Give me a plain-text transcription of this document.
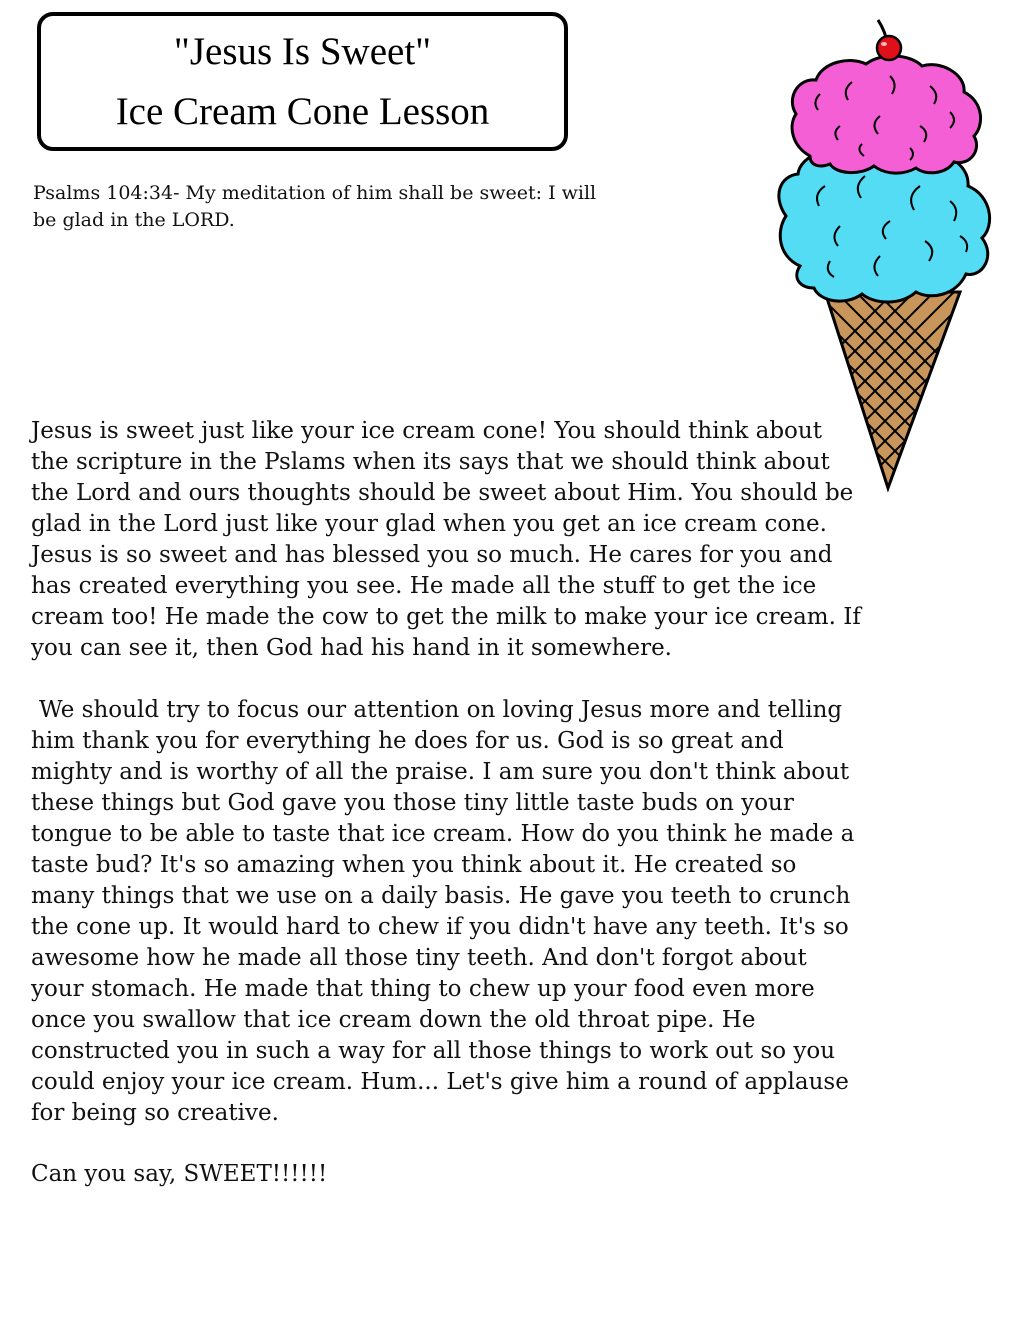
"Jesus Is Sweet"
Ice Cream Cone Lesson
Psalms 104:34- My meditation of him shall be sweet: I will be glad in the LORD.
Jesus is sweet just like your ice cream cone! You should think about the scripture in the Pslams when its says that we should think about the Lord and ours thoughts should be sweet about Him. You should be glad in the Lord just like your glad when you get an ice cream cone. Jesus is so sweet and has blessed you so much. He cares for you and has created everything you see. He made all the stuff to get the ice cream too! He made the cow to get the milk to make your ice cream. If you can see it, then God had his hand in it somewhere.
We should try to focus our attention on loving Jesus more and telling him thank you for everything he does for us. God is so great and mighty and is worthy of all the praise. I am sure you don't think about these things but God gave you those tiny little taste buds on your tongue to be able to taste that ice cream. How do you think he made a taste bud? It's so amazing when you think about it. He created so many things that we use on a daily basis. He gave you teeth to crunch the cone up. It would hard to chew if you didn't have any teeth. It's so awesome how he made all those tiny teeth. And don't forgot about your stomach. He made that thing to chew up your food even more once you swallow that ice cream down the old throat pipe. He constructed you in such a way for all those things to work out so you could enjoy your ice cream. Hum... Let's give him a round of applause for being so creative.
Can you say, SWEET!!!!!!
